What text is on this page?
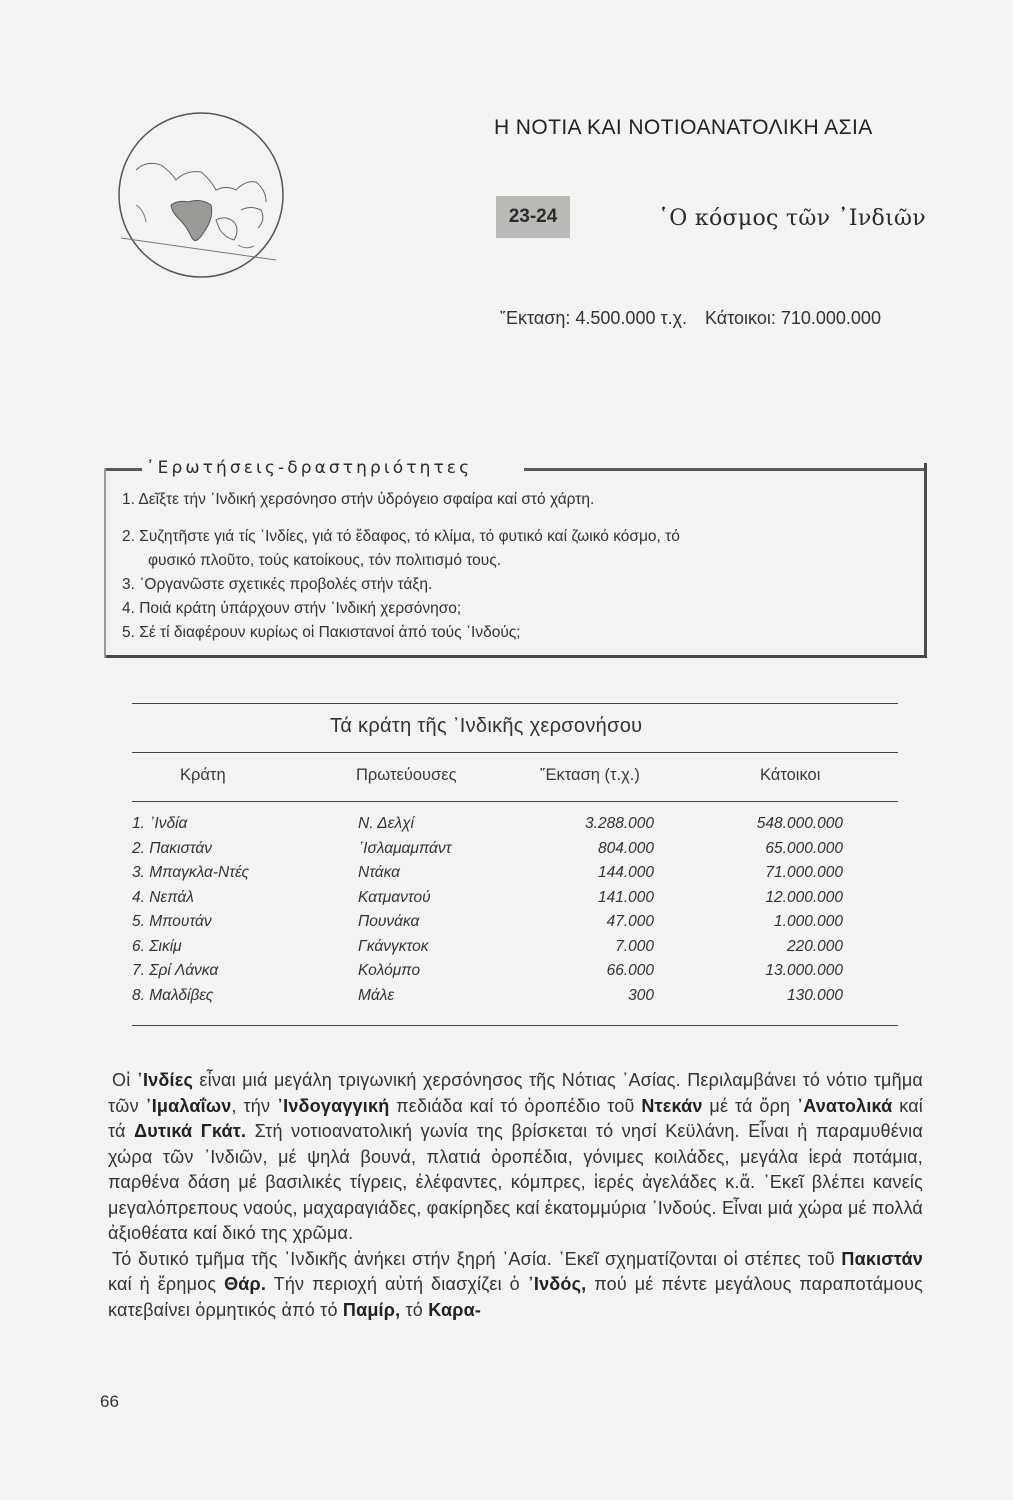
Η ΝΟΤΙΑ ΚΑΙ ΝΟΤΙΟΑΝΑΤΟΛΙΚΗ ΑΣΙΑ
23-24	῾Ο κόσμος τῶν ᾿Ινδιῶν
῎Εκταση: 4.500.000 τ.χ. Κάτοικοι: 710.000.000
᾿Ερωτήσεις-δραστηριότητες
1. Δεῖξτε τήν ᾿Ινδική χερσόνησο στήν ὑδρόγειο σφαίρα καί στό χάρτη.
2. Συζητῆστε γιά τίς ᾿Ινδίες, γιά τό ἔδαφος, τό κλίμα, τό φυτικό καί ζωικό κόσμο, τό
φυσικό πλοῦτο, τούς κατοίκους, τόν πολιτισμό τους.
3. ᾿Οργανῶστε σχετικές προβολές στήν τάξη.
4. Ποιά κράτη ὑπάρχουν στήν ᾿Ινδική χερσόνησο;
5. Σέ τί διαφέρουν κυρίως οἱ Πακιστανοί ἀπό τούς ᾿Ινδούς;
Τά κράτη τῆς ᾿Ινδικῆς χερσονήσου
Κράτη	Πρωτεύουσες	῎Εκταση (τ.χ.)	Κάτοικοι
1. ᾿Ινδία	Ν. Δελχί	3.288.000	548.000.000
2. Πακιστάν	᾿Ισλαμαμπάντ	804.000	65.000.000
3. Μπαγκλα-Ντές	Ντάκα	144.000	71.000.000
4. Νεπάλ	Κατμαντού	141.000	12.000.000
5. Μπουτάν	Πουνάκα	47.000	1.000.000
6. Σικίμ	Γκάνγκτοκ	7.000	220.000
7. Σρί Λάνκα	Κολόμπο	66.000	13.000.000
8. Μαλδίβες	Μάλε	300	130.000

Οἱ ᾿Ινδίες εἶναι μιά μεγάλη τριγωνική χερσόνησος τῆς Νότιας ᾿Ασίας. Περιλαμβάνει τό νότιο τμῆμα τῶν ᾿Ιμαλαΐων, τήν ᾿Ινδογαγγική πεδιάδα καί τό ὀροπέδιο τοῦ Ντεκάν μέ τά ὄρη ᾿Ανατολικά καί τά Δυτικά Γκάτ. Στή νοτιοανατολική γωνία της βρίσκεται τό νησί Κεϋλάνη. Εἶναι ἡ παραμυθένια χώρα τῶν ᾿Ινδιῶν, μέ ψηλά βουνά, πλατιά ὀροπέδια, γόνιμες κοιλάδες, μεγάλα ἱερά ποτάμια, παρθένα δάση μέ βασιλικές τίγρεις, ἐλέφαντες, κόμπρες, ἱερές ἀγελάδες κ.ἄ. ᾿Εκεῖ βλέπει κανείς μεγαλόπρεπους ναούς, μαχαραγιάδες, φακίρηδες καί ἑκατομμύρια ᾿Ινδούς. Εἶναι μιά χώρα μέ πολλά ἀξιοθέατα καί δικό της χρῶμα.

Τό δυτικό τμῆμα τῆς ᾿Ινδικῆς ἀνήκει στήν ξηρή ᾿Ασία. ᾿Εκεῖ σχηματίζονται οἱ στέπες τοῦ Πακιστάν καί ἡ ἔρημος Θάρ. Τήν περιοχή αὐτή διασχίζει ὁ ᾿Ινδός, πού μέ πέντε μεγάλους παραποτάμους κατεβαίνει ὁρμητικός ἀπό τό Παμίρ, τό Καρα-

66
